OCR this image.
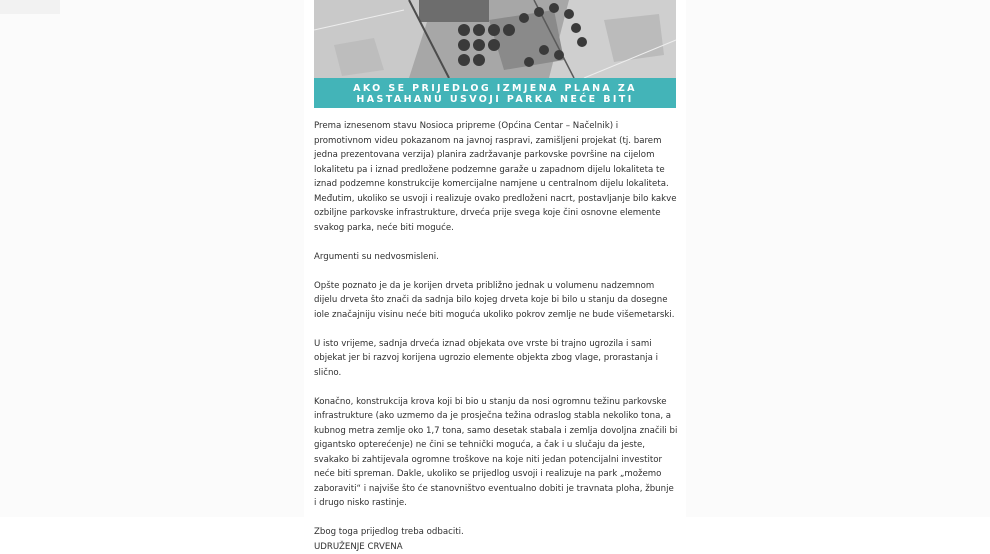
AKO SE PRIJEDLOG IZMJENA PLANA ZA
HASTAHANU USVOJI PARKA NEĆE BITI

Prema iznesenom stavu Nosioca pripreme (Općina Centar – Načelnik) i promotivnom videu pokazanom na javnoj raspravi, zamišljeni projekat (tj. barem jedna prezentovana verzija) planira zadržavanje parkovske površine na cijelom lokalitetu pa i iznad predložene podzemne garaže u zapadnom dijelu lokaliteta te iznad podzemne konstrukcije komercijalne namjene u centralnom dijelu lokaliteta. Međutim, ukoliko se usvoji i realizuje ovako predloženi nacrt, postavljanje bilo kakve ozbiljne parkovske infrastrukture, drveća prije svega koje čini osnovne elemente svakog parka, neće biti moguće.

Argumenti su nedvosmisleni.

Opšte poznato je da je korijen drveta približno jednak u volumenu nadzemnom dijelu drveta što znači da sadnja bilo kojeg drveta koje bi bilo u stanju da dosegne iole značajniju visinu neće biti moguća ukoliko pokrov zemlje ne bude višemetarski.

U isto vrijeme, sadnja drveća iznad objekata ove vrste bi trajno ugrozila i sami objekat jer bi razvoj korijena ugrozio elemente objekta zbog vlage, prorastanja i slično.

Konačno, konstrukcija krova koji bi bio u stanju da nosi ogromnu težinu parkovske infrastrukture (ako uzmemo da je prosječna težina odraslog stabla nekoliko tona, a kubnog metra zemlje oko 1,7 tona, samo desetak stabala i zemlja dovoljna značili bi gigantsko opterećenje) ne čini se tehnički moguća, a čak i u slučaju da jeste, svakako bi zahtijevala ogromne troškove na koje niti jedan potencijalni investitor neće biti spreman. Dakle, ukoliko se prijedlog usvoji i realizuje na park „možemo zaboraviti“ i najviše što će stanovništvo eventualno dobiti je travnata ploha, žbunje i drugo nisko rastinje.

Zbog toga prijedlog treba odbaciti.

UDRUŽENJE CRVENA
